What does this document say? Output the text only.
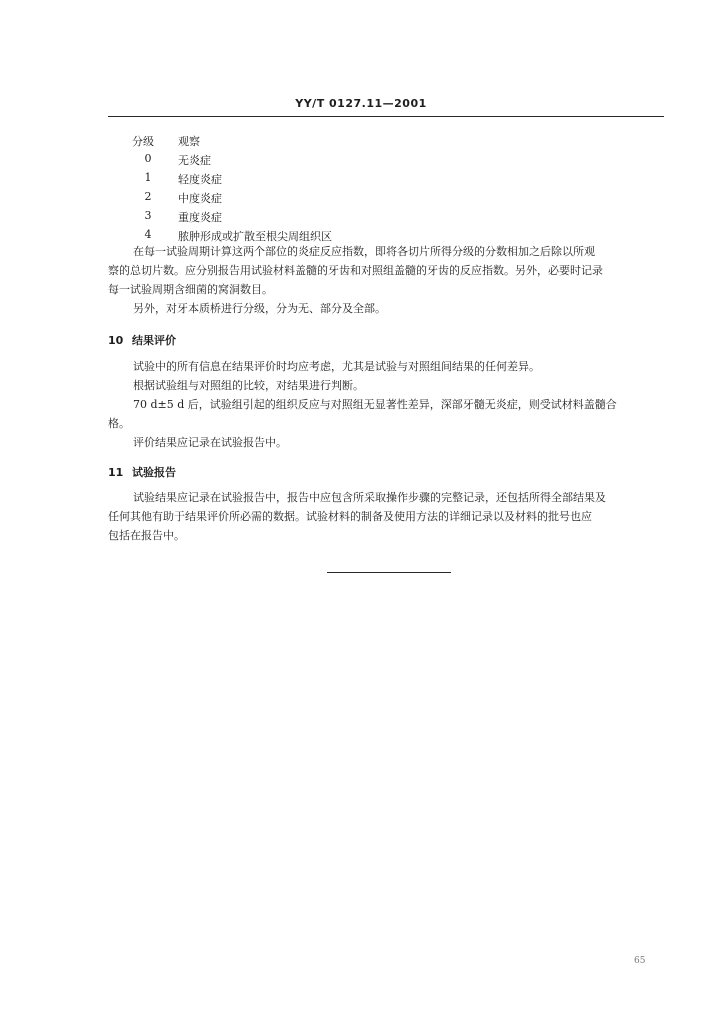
YY/T 0127.11—2001
分级	观察
0	无炎症
1	轻度炎症
2	中度炎症
3	重度炎症
4	脓肿形成或扩散至根尖周组织区
在每一试验周期计算这两个部位的炎症反应指数，即将各切片所得分级的分数相加之后除以所观
察的总切片数。应分别报告用试验材料盖髓的牙齿和对照组盖髓的牙齿的反应指数。另外，必要时记录
每一试验周期含细菌的窝洞数目。
另外，对牙本质桥进行分级，分为无、部分及全部。
10 结果评价
试验中的所有信息在结果评价时均应考虑，尤其是试验与对照组间结果的任何差异。
根据试验组与对照组的比较，对结果进行判断。
70 d±5 d 后，试验组引起的组织反应与对照组无显著性差异，深部牙髓无炎症，则受试材料盖髓合
格。
评价结果应记录在试验报告中。
11 试验报告
试验结果应记录在试验报告中，报告中应包含所采取操作步骤的完整记录，还包括所得全部结果及
任何其他有助于结果评价所必需的数据。试验材料的制备及使用方法的详细记录以及材料的批号也应
包括在报告中。
65
